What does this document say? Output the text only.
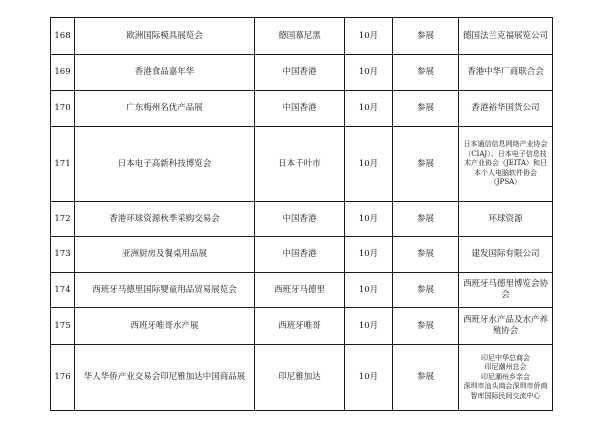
168	欧洲国际模具展览会	德国慕尼黑	10月	参展	德国法兰克福展览公司

169	香港食品嘉年华	中国香港	10月	参展	香港中华厂商联合会

170	广东梅州名优产品展	中国香港	10月	参展	香港裕华国货公司

171	日本电子高新科技博览会	日本千叶市	10月	参展	日本通信信息网络产业协会（CIAJ）、日本电子信息技术产业协会（JEITA）和日本个人电脑软件协会 （JPSA）

172	香港环球资源秋季采购交易会	中国香港	10月	参展	环球资源

173	亚洲厨房及餐桌用品展	中国香港	10月	参展	建发国际有限公司

174	西班牙马德里国际婴童用品贸易展览会	西班牙马德里	10月	参展	西班牙马德里博览会协会

175	西班牙唯哥水产展	西班牙唯哥	10月	参展	西班牙水产品及水产养殖协会

176	华人华侨产业交易会印尼雅加达中国商品展	印尼雅加达	10月	参展	印尼中华总商会
印尼潮州总会
印尼潮州乡亲会
深圳市汕头商会深圳市侨商智库国际民间交流中心
